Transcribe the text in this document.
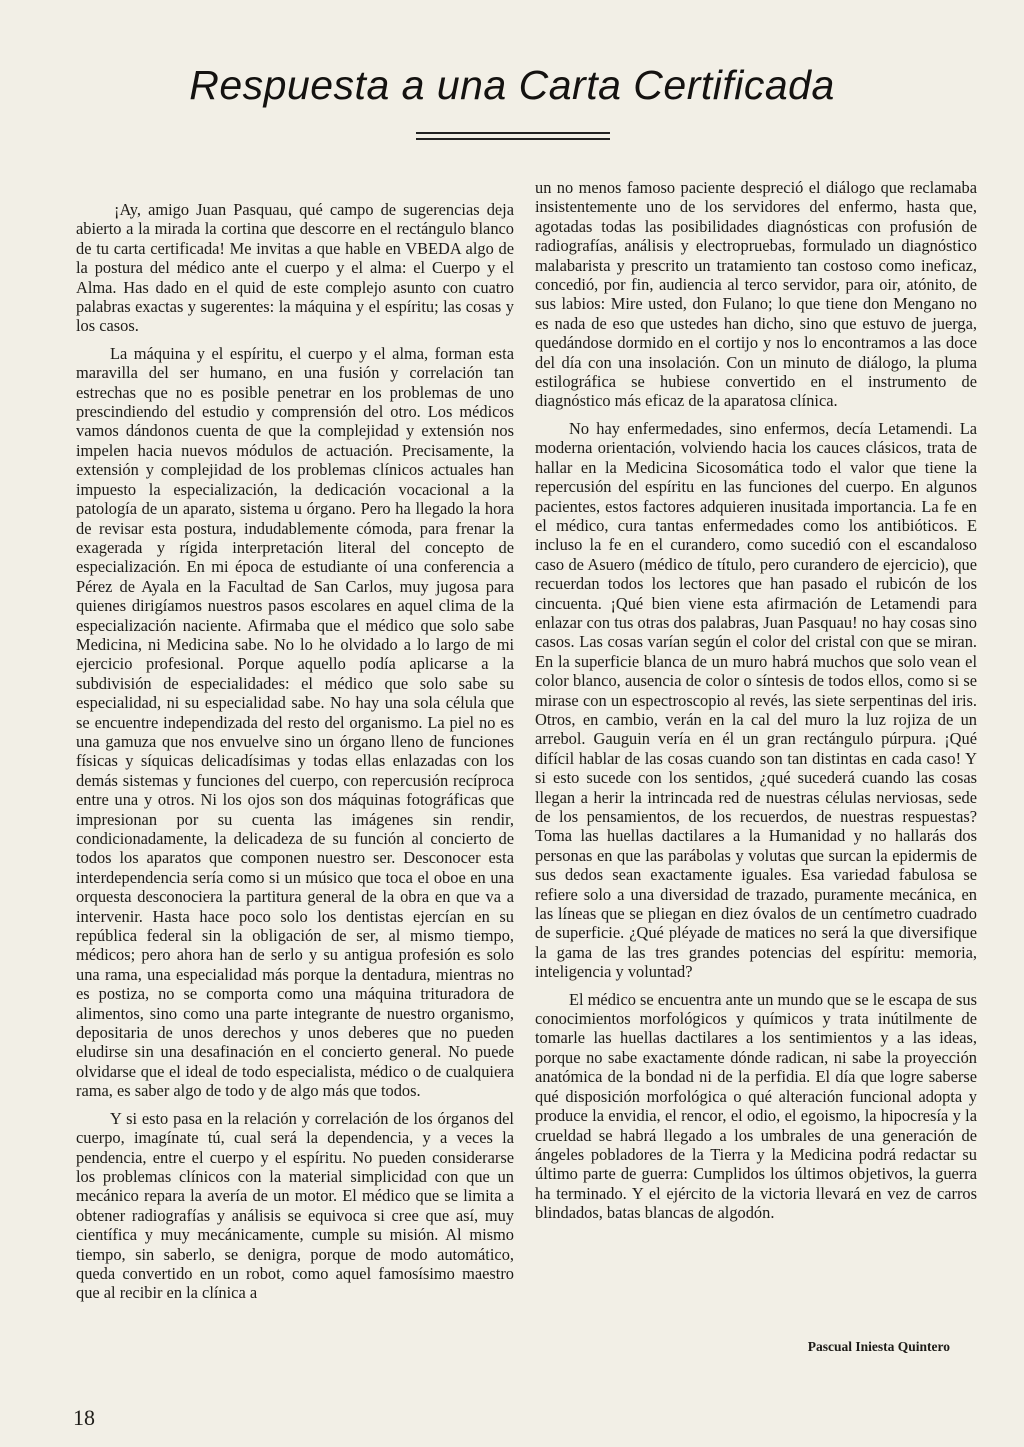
Respuesta a una Carta Certificada

¡Ay, amigo Juan Pasquau, qué campo de sugerencias deja abierto a la mirada la cortina que descorre en el rectángulo blanco de tu carta certificada! Me invitas a que hable en VBEDA algo de la postura del médico ante el cuerpo y el alma: el Cuerpo y el Alma. Has dado en el quid de este complejo asunto con cuatro palabras exactas y sugerentes: la máquina y el espíritu; las cosas y los casos.

La máquina y el espíritu, el cuerpo y el alma, forman esta maravilla del ser humano, en una fusión y correlación tan estrechas que no es posible penetrar en los problemas de uno prescindiendo del estudio y comprensión del otro. Los médicos vamos dándonos cuenta de que la complejidad y extensión nos impelen hacia nuevos módulos de actuación. Precisamente, la extensión y complejidad de los problemas clínicos actuales han impuesto la especialización, la dedicación vocacional a la patología de un aparato, sistema u órgano. Pero ha llegado la hora de revisar esta postura, indudablemente cómoda, para frenar la exagerada y rígida interpretación literal del concepto de especialización. En mi época de estudiante oí una conferencia a Pérez de Ayala en la Facultad de San Carlos, muy jugosa para quienes dirigíamos nuestros pasos escolares en aquel clima de la especialización naciente. Afirmaba que el médico que solo sabe Medicina, ni Medicina sabe. No lo he olvidado a lo largo de mi ejercicio profesional. Porque aquello podía aplicarse a la subdivisión de especialidades: el médico que solo sabe su especialidad, ni su especialidad sabe. No hay una sola célula que se encuentre independizada del resto del organismo. La piel no es una gamuza que nos envuelve sino un órgano lleno de funciones físicas y síquicas delicadísimas y todas ellas enlazadas con los demás sistemas y funciones del cuerpo, con repercusión recíproca entre una y otros. Ni los ojos son dos máquinas fotográficas que impresionan por su cuenta las imágenes sin rendir, condicionadamente, la delicadeza de su función al concierto de todos los aparatos que componen nuestro ser. Desconocer esta interdependencia sería como si un músico que toca el oboe en una orquesta desconociera la partitura general de la obra en que va a intervenir. Hasta hace poco solo los dentistas ejercían en su república federal sin la obligación de ser, al mismo tiempo, médicos; pero ahora han de serlo y su antigua profesión es solo una rama, una especialidad más porque la dentadura, mientras no es postiza, no se comporta como una máquina trituradora de alimentos, sino como una parte integrante de nuestro organismo, depositaria de unos derechos y unos deberes que no pueden eludirse sin una desafinación en el concierto general. No puede olvidarse que el ideal de todo especialista, médico o de cualquiera rama, es saber algo de todo y de algo más que todos.

Y si esto pasa en la relación y correlación de los órganos del cuerpo, imagínate tú, cual será la dependencia, y a veces la pendencia, entre el cuerpo y el espíritu. No pueden considerarse los problemas clínicos con la material simplicidad con que un mecánico repara la avería de un motor. El médico que se limita a obtener radiografías y análisis se equivoca si cree que así, muy científica y muy mecánicamente, cumple su misión. Al mismo tiempo, sin saberlo, se denigra, porque de modo automático, queda convertido en un robot, como aquel famosísimo maestro que al recibir en la clínica a

un no menos famoso paciente despreció el diálogo que reclamaba insistentemente uno de los servidores del enfermo, hasta que, agotadas todas las posibilidades diagnósticas con profusión de radiografías, análisis y electropruebas, formulado un diagnóstico malabarista y prescrito un tratamiento tan costoso como ineficaz, concedió, por fin, audiencia al terco servidor, para oir, atónito, de sus labios: Mire usted, don Fulano; lo que tiene don Mengano no es nada de eso que ustedes han dicho, sino que estuvo de juerga, quedándose dormido en el cortijo y nos lo encontramos a las doce del día con una insolación. Con un minuto de diálogo, la pluma estilográfica se hubiese convertido en el instrumento de diagnóstico más eficaz de la aparatosa clínica.

No hay enfermedades, sino enfermos, decía Letamendi. La moderna orientación, volviendo hacia los cauces clásicos, trata de hallar en la Medicina Sicosomática todo el valor que tiene la repercusión del espíritu en las funciones del cuerpo. En algunos pacientes, estos factores adquieren inusitada importancia. La fe en el médico, cura tantas enfermedades como los antibióticos. E incluso la fe en el curandero, como sucedió con el escandaloso caso de Asuero (médico de título, pero curandero de ejercicio), que recuerdan todos los lectores que han pasado el rubicón de los cincuenta. ¡Qué bien viene esta afirmación de Letamendi para enlazar con tus otras dos palabras, Juan Pasquau! no hay cosas sino casos. Las cosas varían según el color del cristal con que se miran. En la superficie blanca de un muro habrá muchos que solo vean el color blanco, ausencia de color o síntesis de todos ellos, como si se mirase con un espectroscopio al revés, las siete serpentinas del iris. Otros, en cambio, verán en la cal del muro la luz rojiza de un arrebol. Gauguin vería en él un gran rectángulo púrpura. ¡Qué difícil hablar de las cosas cuando son tan distintas en cada caso! Y si esto sucede con los sentidos, ¿qué sucederá cuando las cosas llegan a herir la intrincada red de nuestras células nerviosas, sede de los pensamientos, de los recuerdos, de nuestras respuestas? Toma las huellas dactilares a la Humanidad y no hallarás dos personas en que las parábolas y volutas que surcan la epidermis de sus dedos sean exactamente iguales. Esa variedad fabulosa se refiere solo a una diversidad de trazado, puramente mecánica, en las líneas que se pliegan en diez óvalos de un centímetro cuadrado de superficie. ¿Qué pléyade de matices no será la que diversifique la gama de las tres grandes potencias del espíritu: memoria, inteligencia y voluntad?

El médico se encuentra ante un mundo que se le escapa de sus conocimientos morfológicos y químicos y trata inútilmente de tomarle las huellas dactilares a los sentimientos y a las ideas, porque no sabe exactamente dónde radican, ni sabe la proyección anatómica de la bondad ni de la perfidia. El día que logre saberse qué disposición morfológica o qué alteración funcional adopta y produce la envidia, el rencor, el odio, el egoismo, la hipocresía y la crueldad se habrá llegado a los umbrales de una generación de ángeles pobladores de la Tierra y la Medicina podrá redactar su último parte de guerra: Cumplidos los últimos objetivos, la guerra ha terminado. Y el ejército de la victoria llevará en vez de carros blindados, batas blancas de algodón.

Pascual Iniesta Quintero
18
